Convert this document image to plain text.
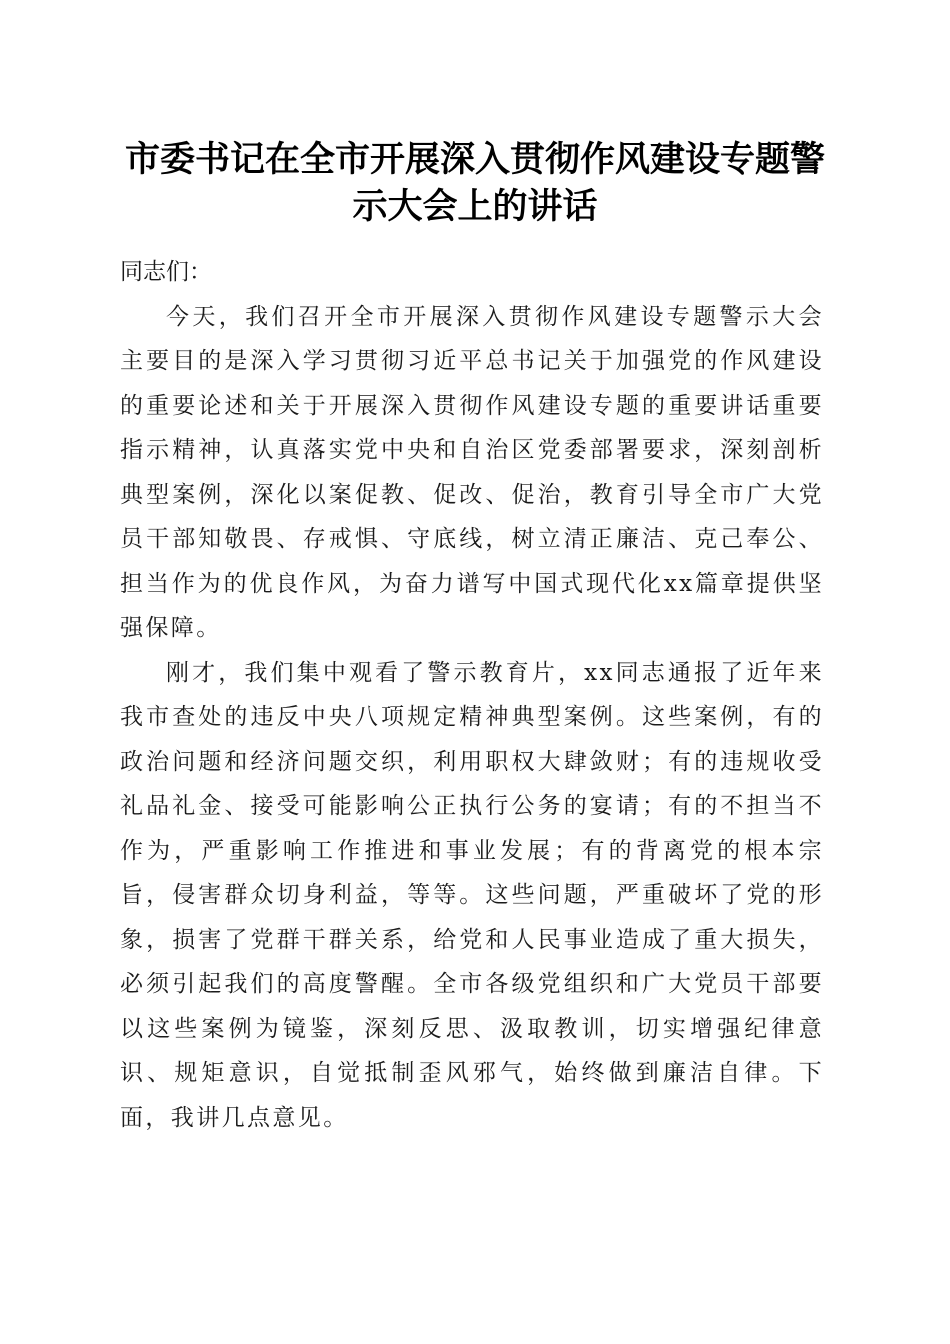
市委书记在全市开展深入贯彻作风建设专题警示大会上的讲话

同志们：

今天，我们召开全市开展深入贯彻作风建设专题警示大会主要目的是深入学习贯彻习近平总书记关于加强党的作风建设的重要论述和关于开展深入贯彻作风建设专题的重要讲话重要指示精神，认真落实党中央和自治区党委部署要求，深刻剖析典型案例，深化以案促教、促改、促治，教育引导全市广大党员干部知敬畏、存戒惧、守底线，树立清正廉洁、克己奉公、担当作为的优良作风，为奋力谱写中国式现代化xx篇章提供坚强保障。

刚才，我们集中观看了警示教育片，xx同志通报了近年来我市查处的违反中央八项规定精神典型案例。这些案例，有的政治问题和经济问题交织，利用职权大肆敛财；有的违规收受礼品礼金、接受可能影响公正执行公务的宴请；有的不担当不作为，严重影响工作推进和事业发展；有的背离党的根本宗旨，侵害群众切身利益，等等。这些问题，严重破坏了党的形象，损害了党群干群关系，给党和人民事业造成了重大损失，必须引起我们的高度警醒。全市各级党组织和广大党员干部要以这些案例为镜鉴，深刻反思、汲取教训，切实增强纪律意识、规矩意识，自觉抵制歪风邪气，始终做到廉洁自律。下面，我讲几点意见。
